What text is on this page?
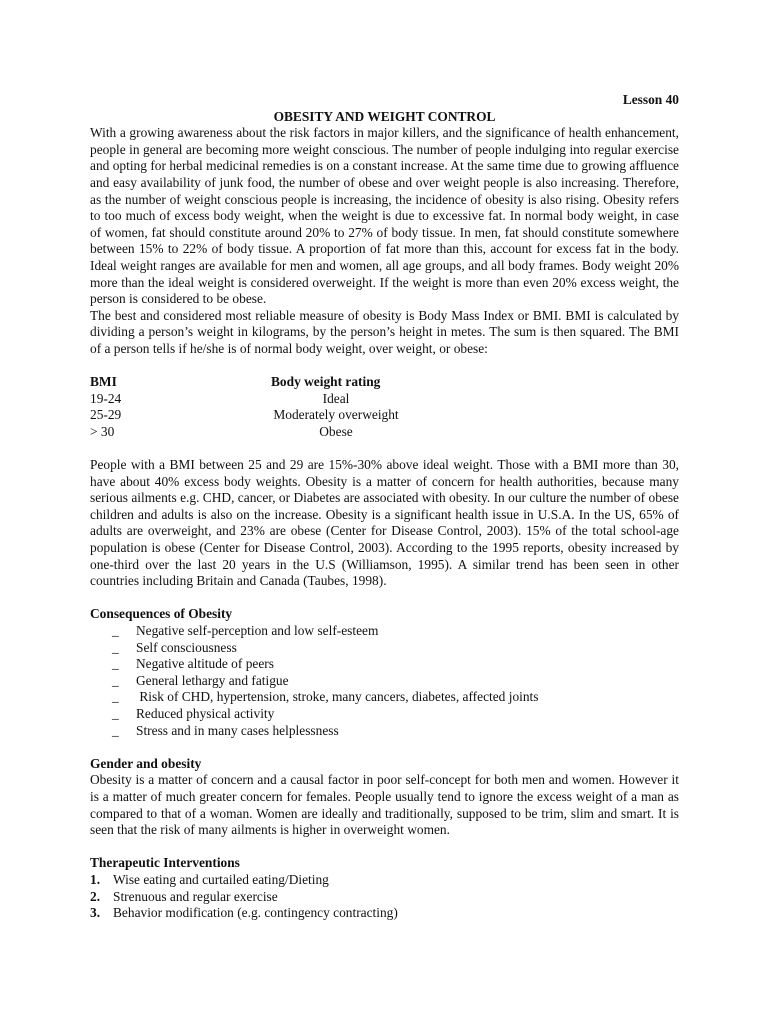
Lesson 40
OBESITY AND WEIGHT CONTROL

With a growing awareness about the risk factors in major killers, and the significance of health enhancement, people in general are becoming more weight conscious. The number of people indulging into regular exercise and opting for herbal medicinal remedies is on a constant increase. At the same time due to growing affluence and easy availability of junk food, the number of obese and over weight people is also increasing. Therefore, as the number of weight conscious people is increasing, the incidence of obesity is also rising. Obesity refers to too much of excess body weight, when the weight is due to excessive fat. In normal body weight, in case of women, fat should constitute around 20% to 27% of body tissue. In men, fat should constitute somewhere between 15% to 22% of body tissue. A proportion of fat more than this, account for excess fat in the body. Ideal weight ranges are available for men and women, all age groups, and all body frames. Body weight 20% more than the ideal weight is considered overweight. If the weight is more than even 20% excess weight, the person is considered to be obese.

The best and considered most reliable measure of obesity is Body Mass Index or BMI. BMI is calculated by dividing a person’s weight in kilograms, by the person’s height in metes. The sum is then squared. The BMI of a person tells if he/she is of normal body weight, over weight, or obese:

BMI	Body weight rating
19-24	Ideal
25-29	Moderately overweight
> 30	Obese

People with a BMI between 25 and 29 are 15%-30% above ideal weight. Those with a BMI more than 30, have about 40% excess body weights. Obesity is a matter of concern for health authorities, because many serious ailments e.g. CHD, cancer, or Diabetes are associated with obesity. In our culture the number of obese children and adults is also on the increase. Obesity is a significant health issue in U.S.A. In the US, 65% of adults are overweight, and 23% are obese (Center for Disease Control, 2003). 15% of the total school-age population is obese (Center for Disease Control, 2003). According to the 1995 reports, obesity increased by one-third over the last 20 years in the U.S (Williamson, 1995). A similar trend has been seen in other countries including Britain and Canada (Taubes, 1998).

Consequences of Obesity
_ Negative self-perception and low self-esteem
_ Self consciousness
_ Negative altitude of peers
_ General lethargy and fatigue
_ Risk of CHD, hypertension, stroke, many cancers, diabetes, affected joints
_ Reduced physical activity
_ Stress and in many cases helplessness
Gender and obesity

Obesity is a matter of concern and a causal factor in poor self-concept for both men and women. However it is a matter of much greater concern for females. People usually tend to ignore the excess weight of a man as compared to that of a woman. Women are ideally and traditionally, supposed to be trim, slim and smart. It is seen that the risk of many ailments is higher in overweight women.

Therapeutic Interventions
1. Wise eating and curtailed eating/Dieting
2. Strenuous and regular exercise
3. Behavior modification (e.g. contingency contracting)
